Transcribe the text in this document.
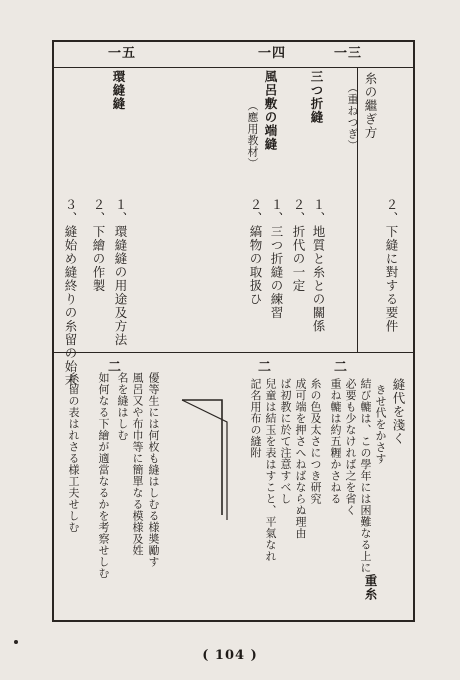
一三
一四
一五
糸の繼ぎ方
（重ねつぎ）
三つ折縫
風呂敷の端縫
（應用教材）
環縫縫
２、下縫に對する要件
１、地質と糸との關係
２、折代の一定
１、三つ折縫の練習
２、縞物の取扱ひ
１、環縫縫の用途及方法
２、下繪の作製
３、縫始め縫終りの糸留の始末	二
二
二
縫代を淺く
きせ代をかさす
結び轆は、この學年には困難なる上に
必要も少なければ之を省く
重ね轆は約五糎かさねる
糸の色及太さにつき研究
成可端を押さへねばならぬ理由
ば初教に於て注意すべし
兒童は結玉を表はすこと、平氣なれ
記名用布の縫附
優等生には何枚も縫はしむる様奬勵す
風呂又や布巾等に簡單なる模様及姓
名を縫はしむ
如何なる下繪が適當なるかを考察せしむ
糸留の表はれさる様工夫せしむ
重糸
( 104 )
